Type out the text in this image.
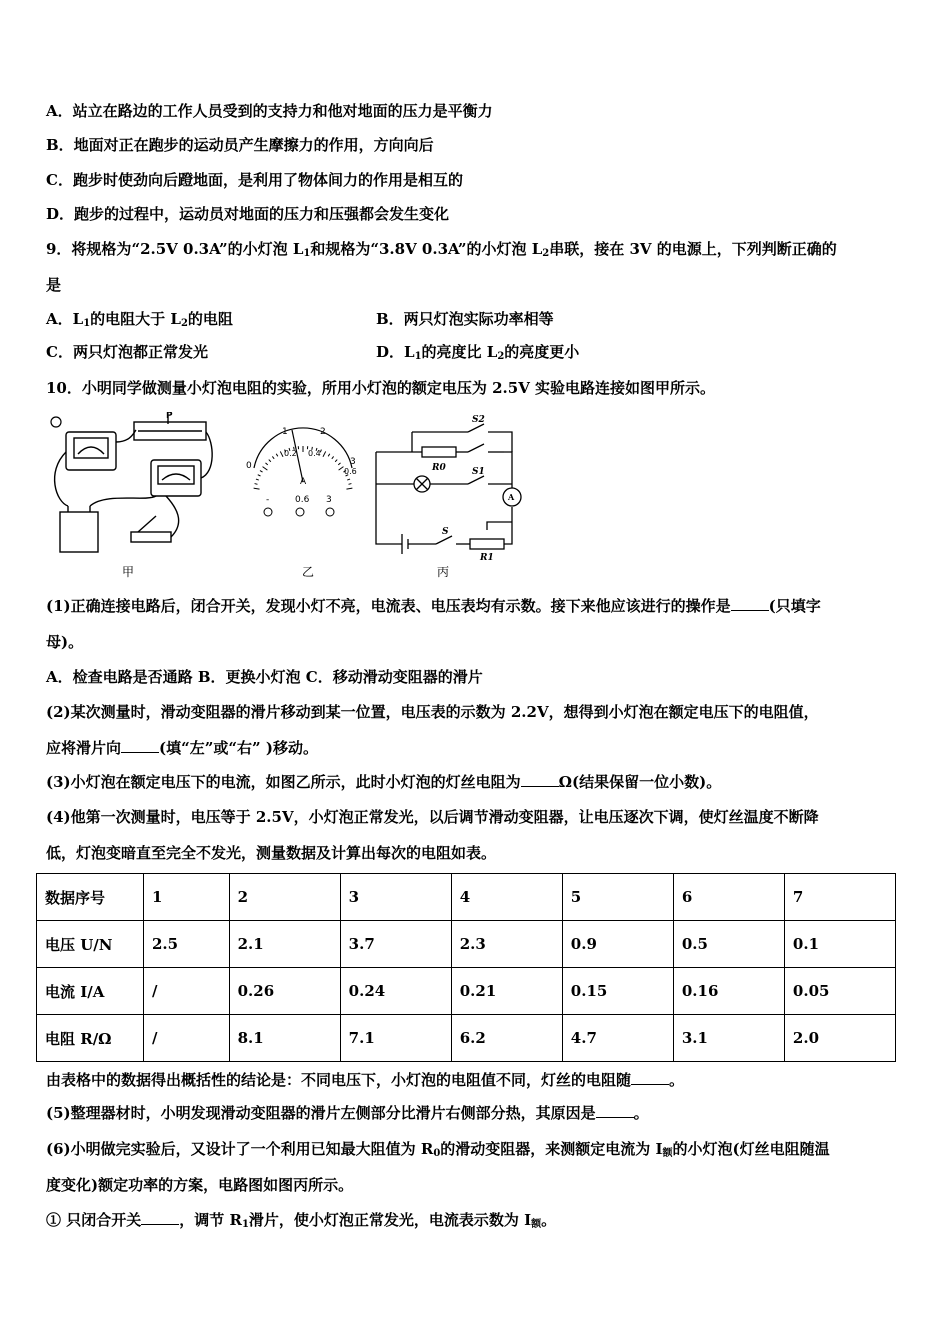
A．站立在路边的工作人员受到的支持力和他对地面的压力是平衡力
B．地面对正在跑步的运动员产生摩擦力的作用，方向向后
C．跑步时使劲向后蹬地面，是利用了物体间力的作用是相互的
D．跑步的过程中，运动员对地面的压力和压强都会发生变化
9．将规格为“2.5V 0.3A”的小灯泡 $L_1$和规格为“3.8V 0.3A”的小灯泡 $L_2$串联，接在 3V 的电源上，下列判断正确的
是
A．$L_1$的电阻大于 $L_2$的电阻	B．两只灯泡实际功率相等
C．两只灯泡都正常发光	D．$L_1$的亮度比 $L_2$的亮度更小
10．小明同学做测量小灯泡电阻的实验，所用小灯泡的额定电压为 2.5V 实验电路连接如图甲所示。
P
甲
0
1	2
3
0.2 0.4
0.6
A
-	0.6 3
乙
S2
S1
S
R0
R1
A
丙
(1)正确连接电路后，闭合开关，发现小灯不亮，电流表、电压表均有示数。接下来他应该进行的操作是	(只填字
母)。
A．检查电路是否通路 B．更换小灯泡 C．移动滑动变阻器的滑片
(2)某次测量时，滑动变阻器的滑片移动到某一位置，电压表的示数为 2.2V，想得到小灯泡在额定电压下的电阻值，
应将滑片向	(填“左”或“右” )移动。
(3)小灯泡在额定电压下的电流，如图乙所示，此时小灯泡的灯丝电阻为	Ω(结果保留一位小数)。
(4)他第一次测量时，电压等于 2.5V，小灯泡正常发光，以后调节滑动变阻器，让电压逐次下调，使灯丝温度不断降
低，灯泡变暗直至完全不发光，测量数据及计算出每次的电阻如表。
数据序号	1	2	3	4	5	6	7
电压 U/N	2.5	2.1	3.7	2.3	0.9	0.5	0.1
电流 I/A	/	0.26	0.24	0.21	0.15	0.16	0.05
电阻 R/Ω	/	8.1	7.1	6.2	4.7	3.1	2.0
由表格中的数据得出概括性的结论是：不同电压下，小灯泡的电阻值不同，灯丝的电阻随	。
(5)整理器材时，小明发现滑动变阻器的滑片左侧部分比滑片右侧部分热，其原因是	。
(6)小明做完实验后，又设计了一个利用已知最大阻值为 $R_0$的滑动变阻器，来测额定电流为 $I_额$的小灯泡(灯丝电阻随温
度变化)额定功率的方案，电路图如图丙所示。
① 只闭合开关	，调节 $R_1$滑片，使小灯泡正常发光，电流表示数为 $I_额$。
